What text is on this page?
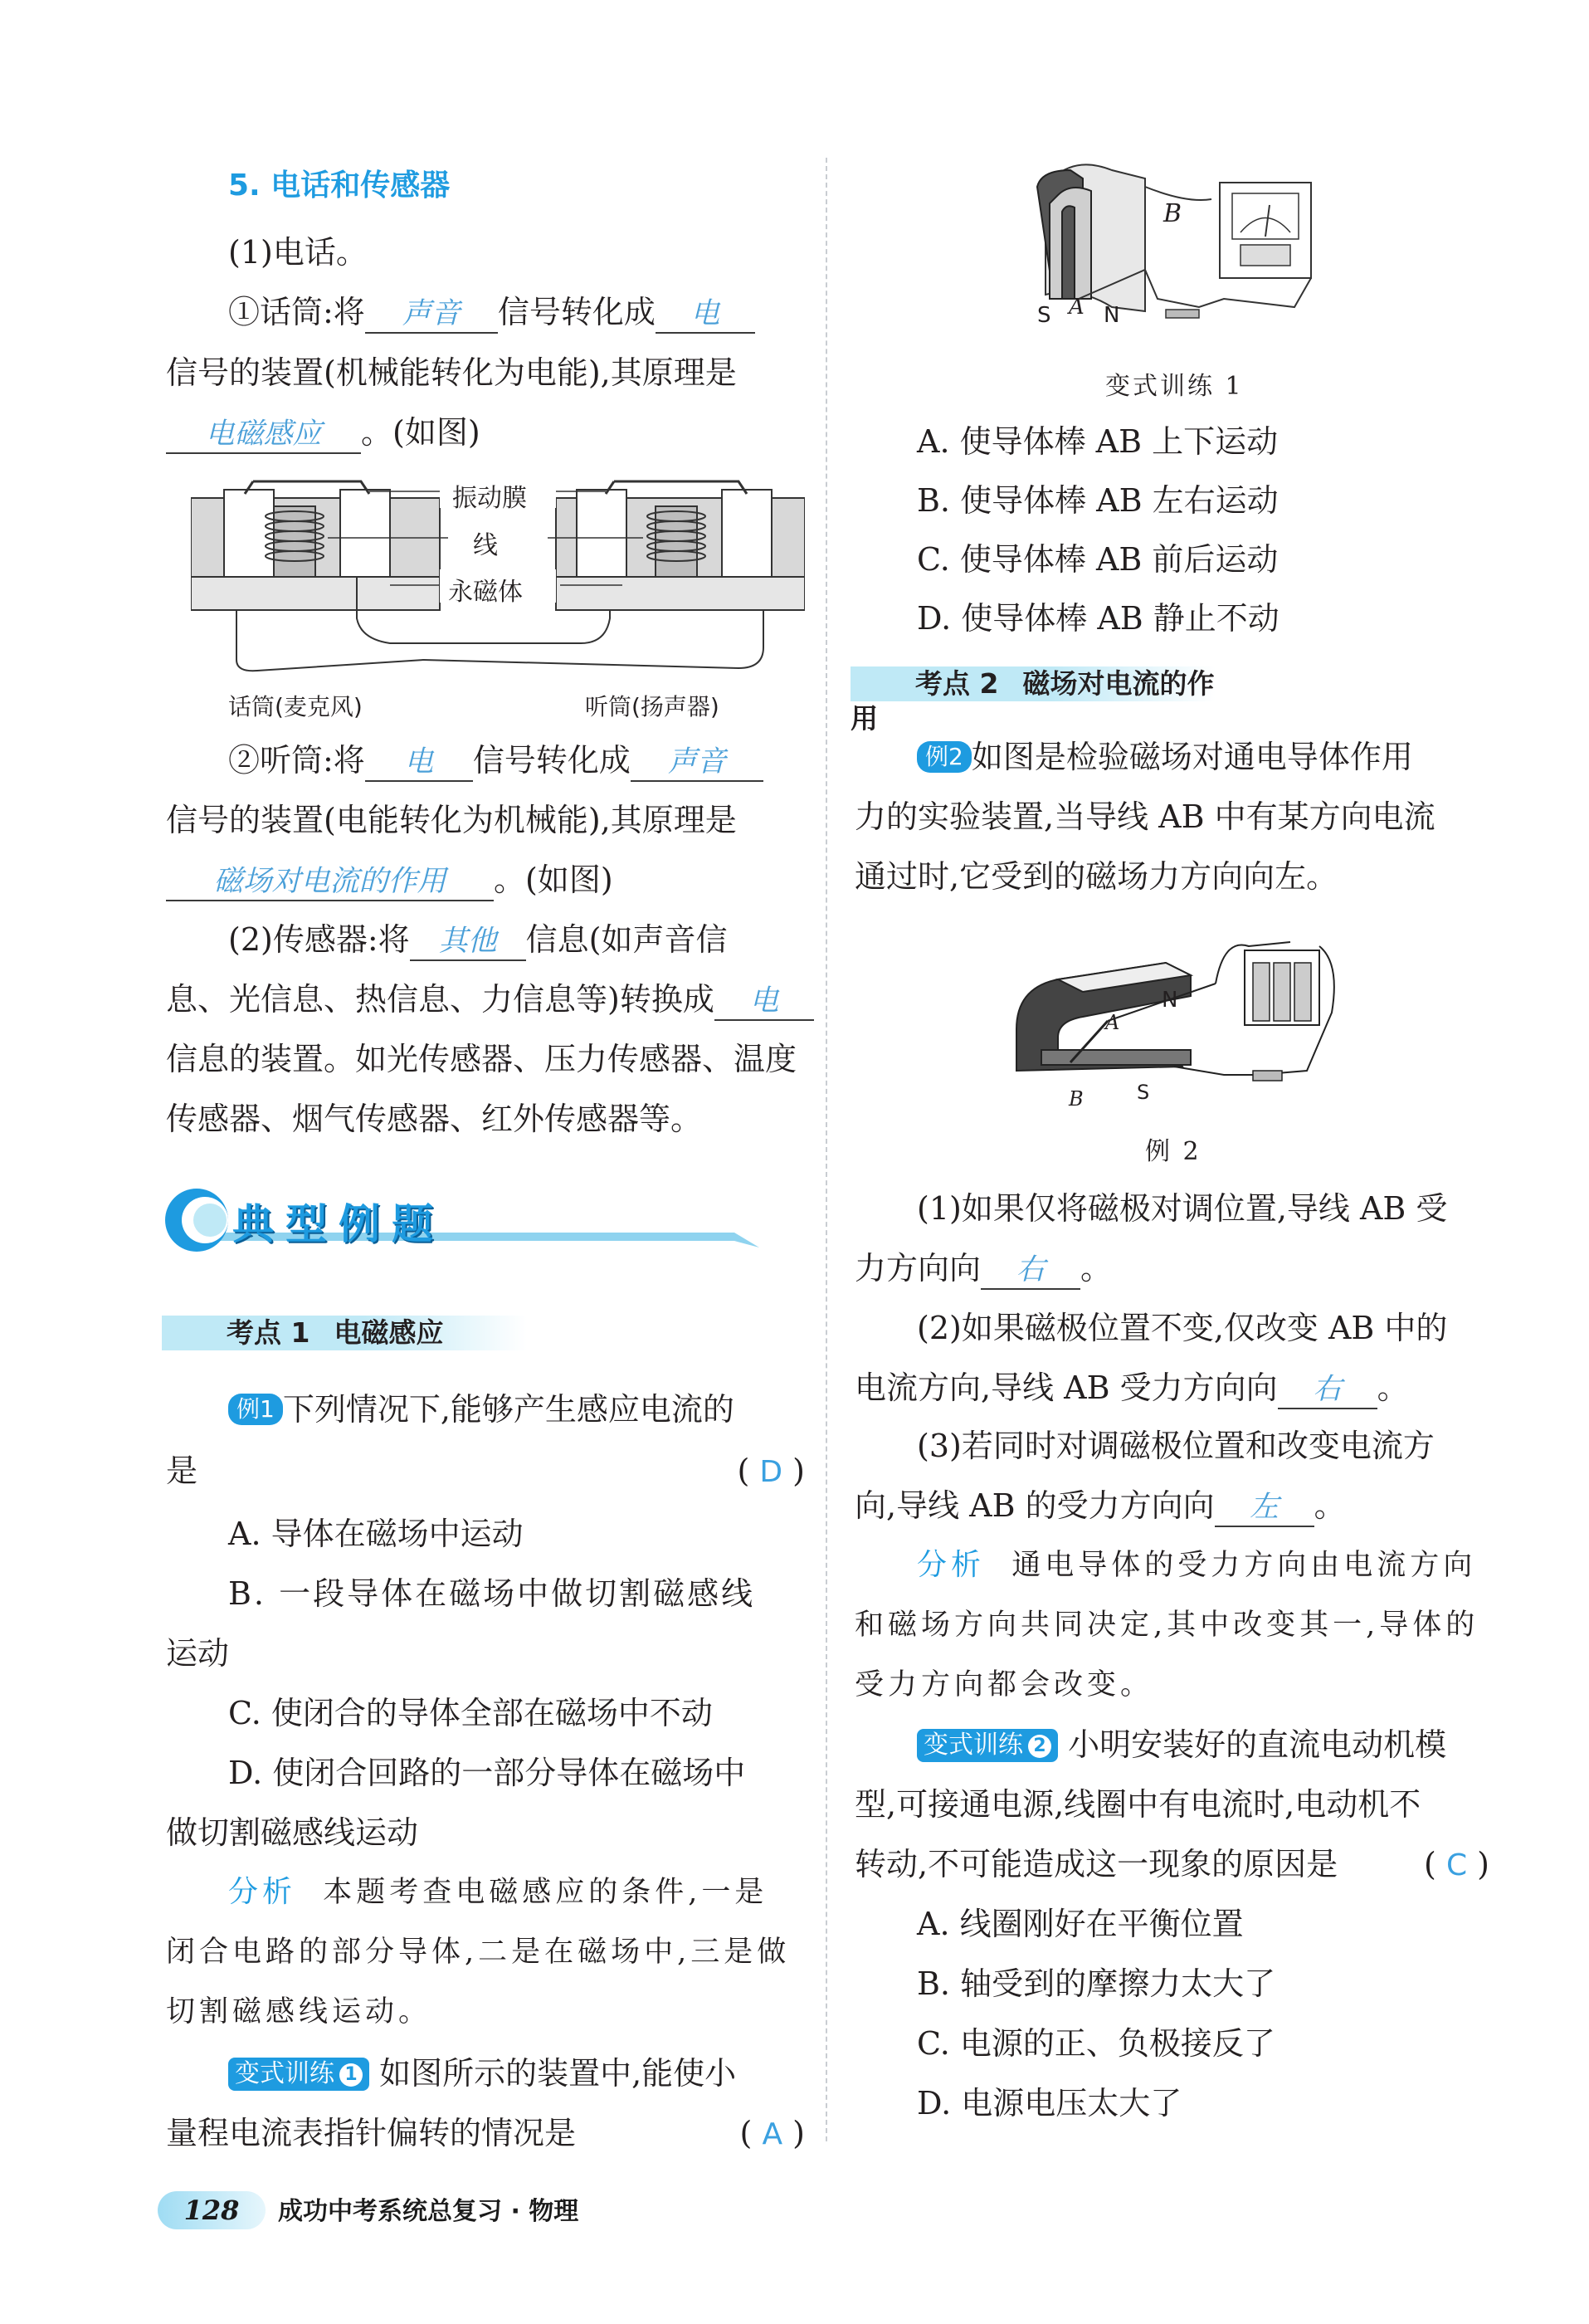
5. 电话和传感器
(1)电话。
①话筒:将 声音 信号转化成 电
信号的装置(机械能转化为电能),其原理是
电磁感应 。(如图)
振动膜
线
永磁体
话筒(麦克风)	听筒(扬声器)
②听筒:将 电 信号转化成 声音
信号的装置(电能转化为机械能),其原理是
磁场对电流的作用 。(如图)
(2)传感器:将 其他 信息(如声音信
息、光信息、热信息、力信息等)转换成 电
信息的装置。如光传感器、压力传感器、温度
传感器、烟气传感器、红外传感器等。
典型例题
考点 1 电磁感应
例1 下列情况下,能够产生感应电流的
是	( D )
A. 导体在磁场中运动
B. 一段导体在磁场中做切割磁感线
运动
C. 使闭合的导体全部在磁场中不动
D. 使闭合回路的一部分导体在磁场中
做切割磁感线运动
分析 本题考查电磁感应的条件,一是
闭合电路的部分导体,二是在磁场中,三是做
切割磁感线运动。
变式训练 1 如图所示的装置中,能使小
量程电流表指针偏转的情况是	( A )
B
S A N
变式训练 1
A. 使导体棒 AB 上下运动
B. 使导体棒 AB 左右运动
C. 使导体棒 AB 前后运动
D. 使导体棒 AB 静止不动
考点 2 磁场对电流的作用
例2 如图是检验磁场对通电导体作用
力的实验装置,当导线 AB 中有某方向电流
通过时,它受到的磁场力方向向左。
N
A
B	S
例 2
(1)如果仅将磁极对调位置,导线 AB 受
力方向向 右 。
(2)如果磁极位置不变,仅改变 AB 中的
电流方向,导线 AB 受力方向向 右 。
(3)若同时对调磁极位置和改变电流方
向,导线 AB 的受力方向向 左 。
分析 通电导体的受力方向由电流方向
和磁场方向共同决定,其中改变其一,导体的
受力方向都会改变。
变式训练 2 小明安装好的直流电动机模
型,可接通电源,线圈中有电流时,电动机不
转动,不可能造成这一现象的原因是	( C )
A. 线圈刚好在平衡位置
B. 轴受到的摩擦力太大了
C. 电源的正、负极接反了
D. 电源电压太大了
128	成功中考系统总复习 · 物理
